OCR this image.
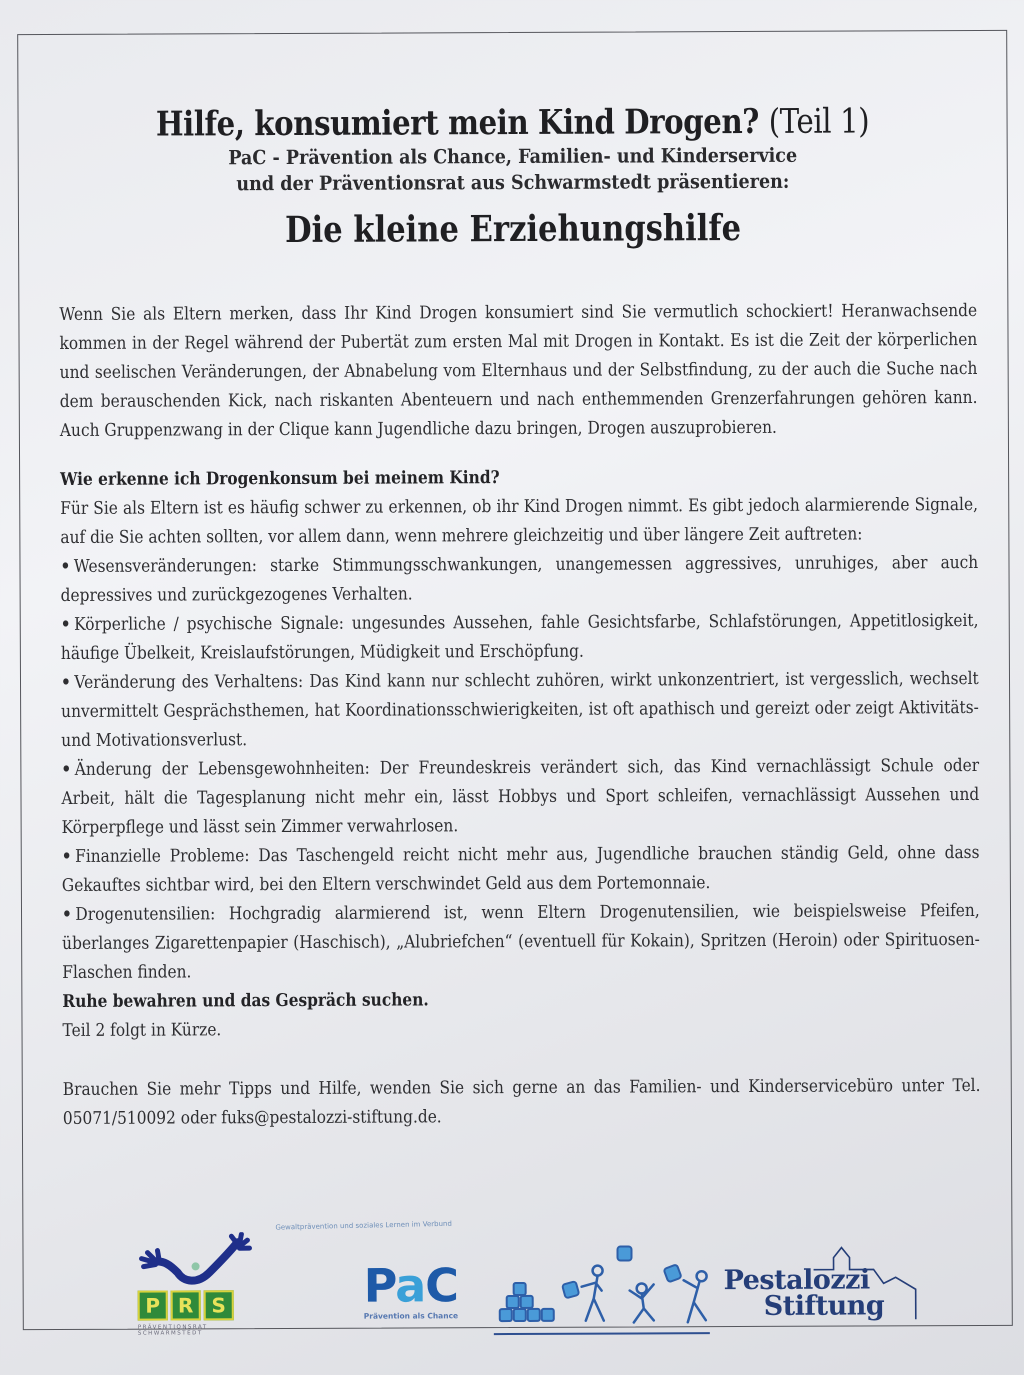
Hilfe, konsumiert mein Kind Drogen? (Teil 1)

PaC - Prävention als Chance, Familien- und Kinderservice

und der Präventionsrat aus Schwarmstedt präsentieren:

Die kleine Erziehungshilfe

Wenn Sie als Eltern merken, dass Ihr Kind Drogen konsumiert sind Sie vermutlich schockiert! Heranwachsende kommen in der Regel während der Pubertät zum ersten Mal mit Drogen in Kontakt. Es ist die Zeit der körperlichen und seelischen Veränderungen, der Abnabelung vom Elternhaus und der Selbstfindung, zu der auch die Suche nach dem berauschenden Kick, nach riskanten Abenteuern und nach enthemmenden Grenzerfahrungen gehören kann. Auch Gruppenzwang in der Clique kann Jugendliche dazu bringen, Drogen auszuprobieren.

Wie erkenne ich Drogenkonsum bei meinem Kind?

Für Sie als Eltern ist es häufig schwer zu erkennen, ob ihr Kind Drogen nimmt. Es gibt jedoch alarmierende Signale, auf die Sie achten sollten, vor allem dann, wenn mehrere gleichzeitig und über längere Zeit auftreten:

• Wesensveränderungen: starke Stimmungsschwankungen, unangemessen aggressives, unruhiges, aber auch depressives und zurückgezogenes Verhalten.

• Körperliche / psychische Signale: ungesundes Aussehen, fahle Gesichtsfarbe, Schlafstörungen, Appetitlosigkeit, häufige Übelkeit, Kreislaufstörungen, Müdigkeit und Erschöpfung.

• Veränderung des Verhaltens: Das Kind kann nur schlecht zuhören, wirkt unkonzentriert, ist vergesslich, wechselt unvermittelt Gesprächsthemen, hat Koordinationsschwierigkeiten, ist oft apathisch und gereizt oder zeigt Aktivitäts- und Motivationsverlust.

• Änderung der Lebensgewohnheiten: Der Freundeskreis verändert sich, das Kind vernachlässigt Schule oder Arbeit, hält die Tagesplanung nicht mehr ein, lässt Hobbys und Sport schleifen, vernachlässigt Aussehen und Körperpflege und lässt sein Zimmer verwahrlosen.

• Finanzielle Probleme: Das Taschengeld reicht nicht mehr aus, Jugendliche brauchen ständig Geld, ohne dass Gekauftes sichtbar wird, bei den Eltern verschwindet Geld aus dem Portemonnaie.

• Drogenutensilien: Hochgradig alarmierend ist, wenn Eltern Drogenutensilien, wie beispielsweise Pfeifen, überlanges Zigarettenpapier (Haschisch), „Alubriefchen“ (eventuell für Kokain), Spritzen (Heroin) oder Spirituosen-Flaschen finden.

Ruhe bewahren und das Gespräch suchen.

Teil 2 folgt in Kürze.

Brauchen Sie mehr Tipps und Hilfe, wenden Sie sich gerne an das Familien- und Kinderservicebüro unter Tel. 05071/510092 oder fuks@pestalozzi-stiftung.de.

Gewaltprävention und soziales Lernen im Verbund
P R S
PRÄVENTIONSRAT SCHWARMSTEDT
PaC
Prävention als Chance
Pestalozzi
Stiftung
